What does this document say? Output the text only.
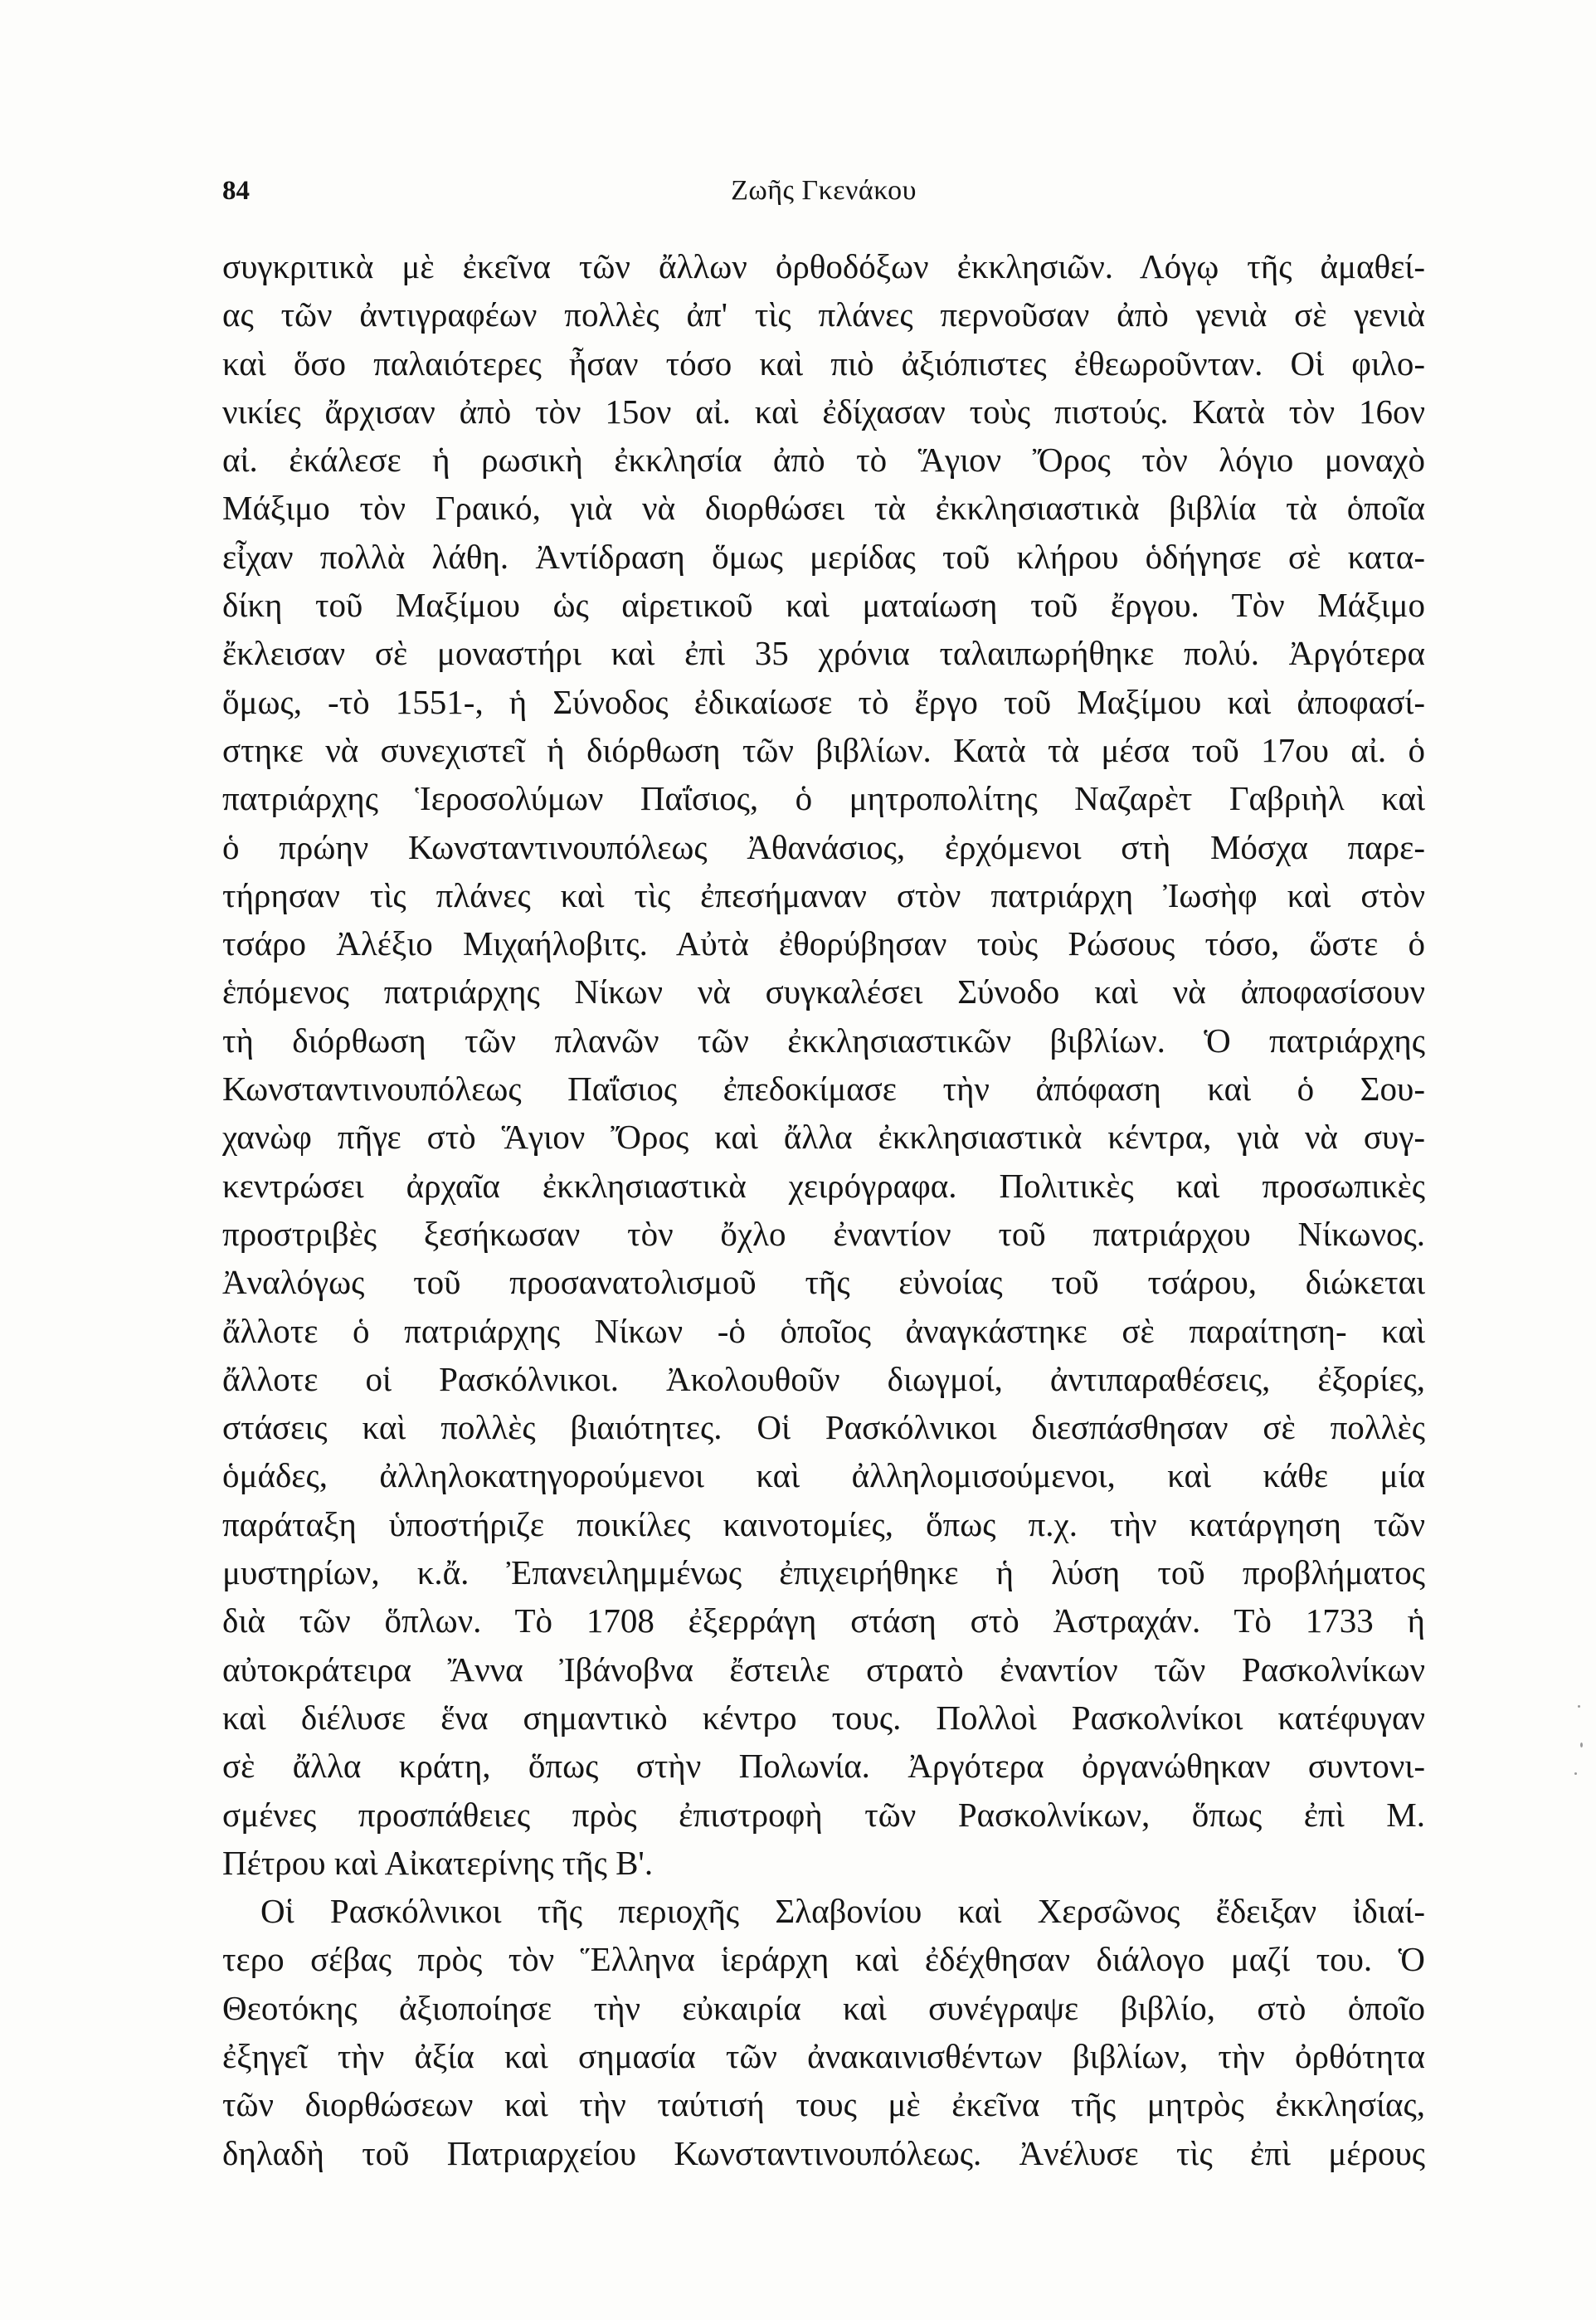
84	Ζωῆς Γκενάκου

συγκριτικὰ μὲ ἐκεῖνα τῶν ἄλλων ὀρθοδόξων ἐκκλησιῶν. Λόγῳ τῆς ἀμαθεί-
ας τῶν ἀντιγραφέων πολλὲς ἀπ' τὶς πλάνες περνοῦσαν ἀπὸ γενιὰ σὲ γενιὰ
καὶ ὅσο παλαιότερες ἦσαν τόσο καὶ πιὸ ἀξιόπιστες ἐθεωροῦνταν. Οἱ φιλο-
νικίες ἄρχισαν ἀπὸ τὸν 15ον αἰ. καὶ ἐδίχασαν τοὺς πιστούς. Κατὰ τὸν 16ον
αἰ. ἐκάλεσε ἡ ρωσικὴ ἐκκλησία ἀπὸ τὸ Ἅγιον Ὄρος τὸν λόγιο μοναχὸ
Μάξιμο τὸν Γραικό, γιὰ νὰ διορθώσει τὰ ἐκκλησιαστικὰ βιβλία τὰ ὁποῖα
εἶχαν πολλὰ λάθη. Ἀντίδραση ὅμως μερίδας τοῦ κλήρου ὁδήγησε σὲ κατα-
δίκη τοῦ Μαξίμου ὡς αἱρετικοῦ καὶ ματαίωση τοῦ ἔργου. Τὸν Μάξιμο
ἔκλεισαν σὲ μοναστήρι καὶ ἐπὶ 35 χρόνια ταλαιπωρήθηκε πολύ. Ἀργότερα
ὅμως, -τὸ 1551-, ἡ Σύνοδος ἐδικαίωσε τὸ ἔργο τοῦ Μαξίμου καὶ ἀποφασί-
στηκε νὰ συνεχιστεῖ ἡ διόρθωση τῶν βιβλίων. Κατὰ τὰ μέσα τοῦ 17ου αἰ. ὁ
πατριάρχης Ἱεροσολύμων Παΐσιος, ὁ μητροπολίτης Ναζαρὲτ Γαβριὴλ καὶ
ὁ πρώην Κωνσταντινουπόλεως Ἀθανάσιος, ἐρχόμενοι στὴ Μόσχα παρε-
τήρησαν τὶς πλάνες καὶ τὶς ἐπεσήμαναν στὸν πατριάρχη Ἰωσὴφ καὶ στὸν
τσάρο Ἀλέξιο Μιχαήλοβιτς. Αὐτὰ ἐθορύβησαν τοὺς Ρώσους τόσο, ὥστε ὁ
ἑπόμενος πατριάρχης Νίκων νὰ συγκαλέσει Σύνοδο καὶ νὰ ἀποφασίσουν
τὴ διόρθωση τῶν πλανῶν τῶν ἐκκλησιαστικῶν βιβλίων. Ὁ πατριάρχης
Κωνσταντινουπόλεως Παΐσιος ἐπεδοκίμασε τὴν ἀπόφαση καὶ ὁ Σου-
χανὼφ πῆγε στὸ Ἅγιον Ὄρος καὶ ἄλλα ἐκκλησιαστικὰ κέντρα, γιὰ νὰ συγ-
κεντρώσει ἀρχαῖα ἐκκλησιαστικὰ χειρόγραφα. Πολιτικὲς καὶ προσωπικὲς
προστριβὲς ξεσήκωσαν τὸν ὄχλο ἐναντίον τοῦ πατριάρχου Νίκωνος.
Ἀναλόγως τοῦ προσανατολισμοῦ τῆς εὐνοίας τοῦ τσάρου, διώκεται
ἄλλοτε ὁ πατριάρχης Νίκων -ὁ ὁποῖος ἀναγκάστηκε σὲ παραίτηση- καὶ
ἄλλοτε οἱ Ρασκόλνικοι. Ἀκολουθοῦν διωγμοί, ἀντιπαραθέσεις, ἐξορίες,
στάσεις καὶ πολλὲς βιαιότητες. Οἱ Ρασκόλνικοι διεσπάσθησαν σὲ πολλὲς
ὁμάδες, ἀλληλοκατηγορούμενοι καὶ ἀλληλομισούμενοι, καὶ κάθε μία
παράταξη ὑποστήριζε ποικίλες καινοτομίες, ὅπως π.χ. τὴν κατάργηση τῶν
μυστηρίων, κ.ἄ. Ἐπανειλημμένως ἐπιχειρήθηκε ἡ λύση τοῦ προβλήματος
διὰ τῶν ὅπλων. Τὸ 1708 ἐξερράγη στάση στὸ Ἀστραχάν. Τὸ 1733 ἡ
αὐτοκράτειρα Ἄννα Ἰβάνοβνα ἔστειλε στρατὸ ἐναντίον τῶν Ρασκολνίκων
καὶ διέλυσε ἕνα σημαντικὸ κέντρο τους. Πολλοὶ Ρασκολνίκοι κατέφυγαν
σὲ ἄλλα κράτη, ὅπως στὴν Πολωνία. Ἀργότερα ὀργανώθηκαν συντονι-
σμένες προσπάθειες πρὸς ἐπιστροφὴ τῶν Ρασκολνίκων, ὅπως ἐπὶ Μ.
Πέτρου καὶ Αἰκατερίνης τῆς Β'.

Οἱ Ρασκόλνικοι τῆς περιοχῆς Σλαβονίου καὶ Χερσῶνος ἔδειξαν ἰδιαί-
τερο σέβας πρὸς τὸν Ἕλληνα ἱεράρχη καὶ ἐδέχθησαν διάλογο μαζί του. Ὁ
Θεοτόκης ἀξιοποίησε τὴν εὐκαιρία καὶ συνέγραψε βιβλίο, στὸ ὁποῖο
ἐξηγεῖ τὴν ἀξία καὶ σημασία τῶν ἀνακαινισθέντων βιβλίων, τὴν ὀρθότητα
τῶν διορθώσεων καὶ τὴν ταύτισή τους μὲ ἐκεῖνα τῆς μητρὸς ἐκκλησίας,
δηλαδὴ τοῦ Πατριαρχείου Κωνσταντινουπόλεως. Ἀνέλυσε τὶς ἐπὶ μέρους
